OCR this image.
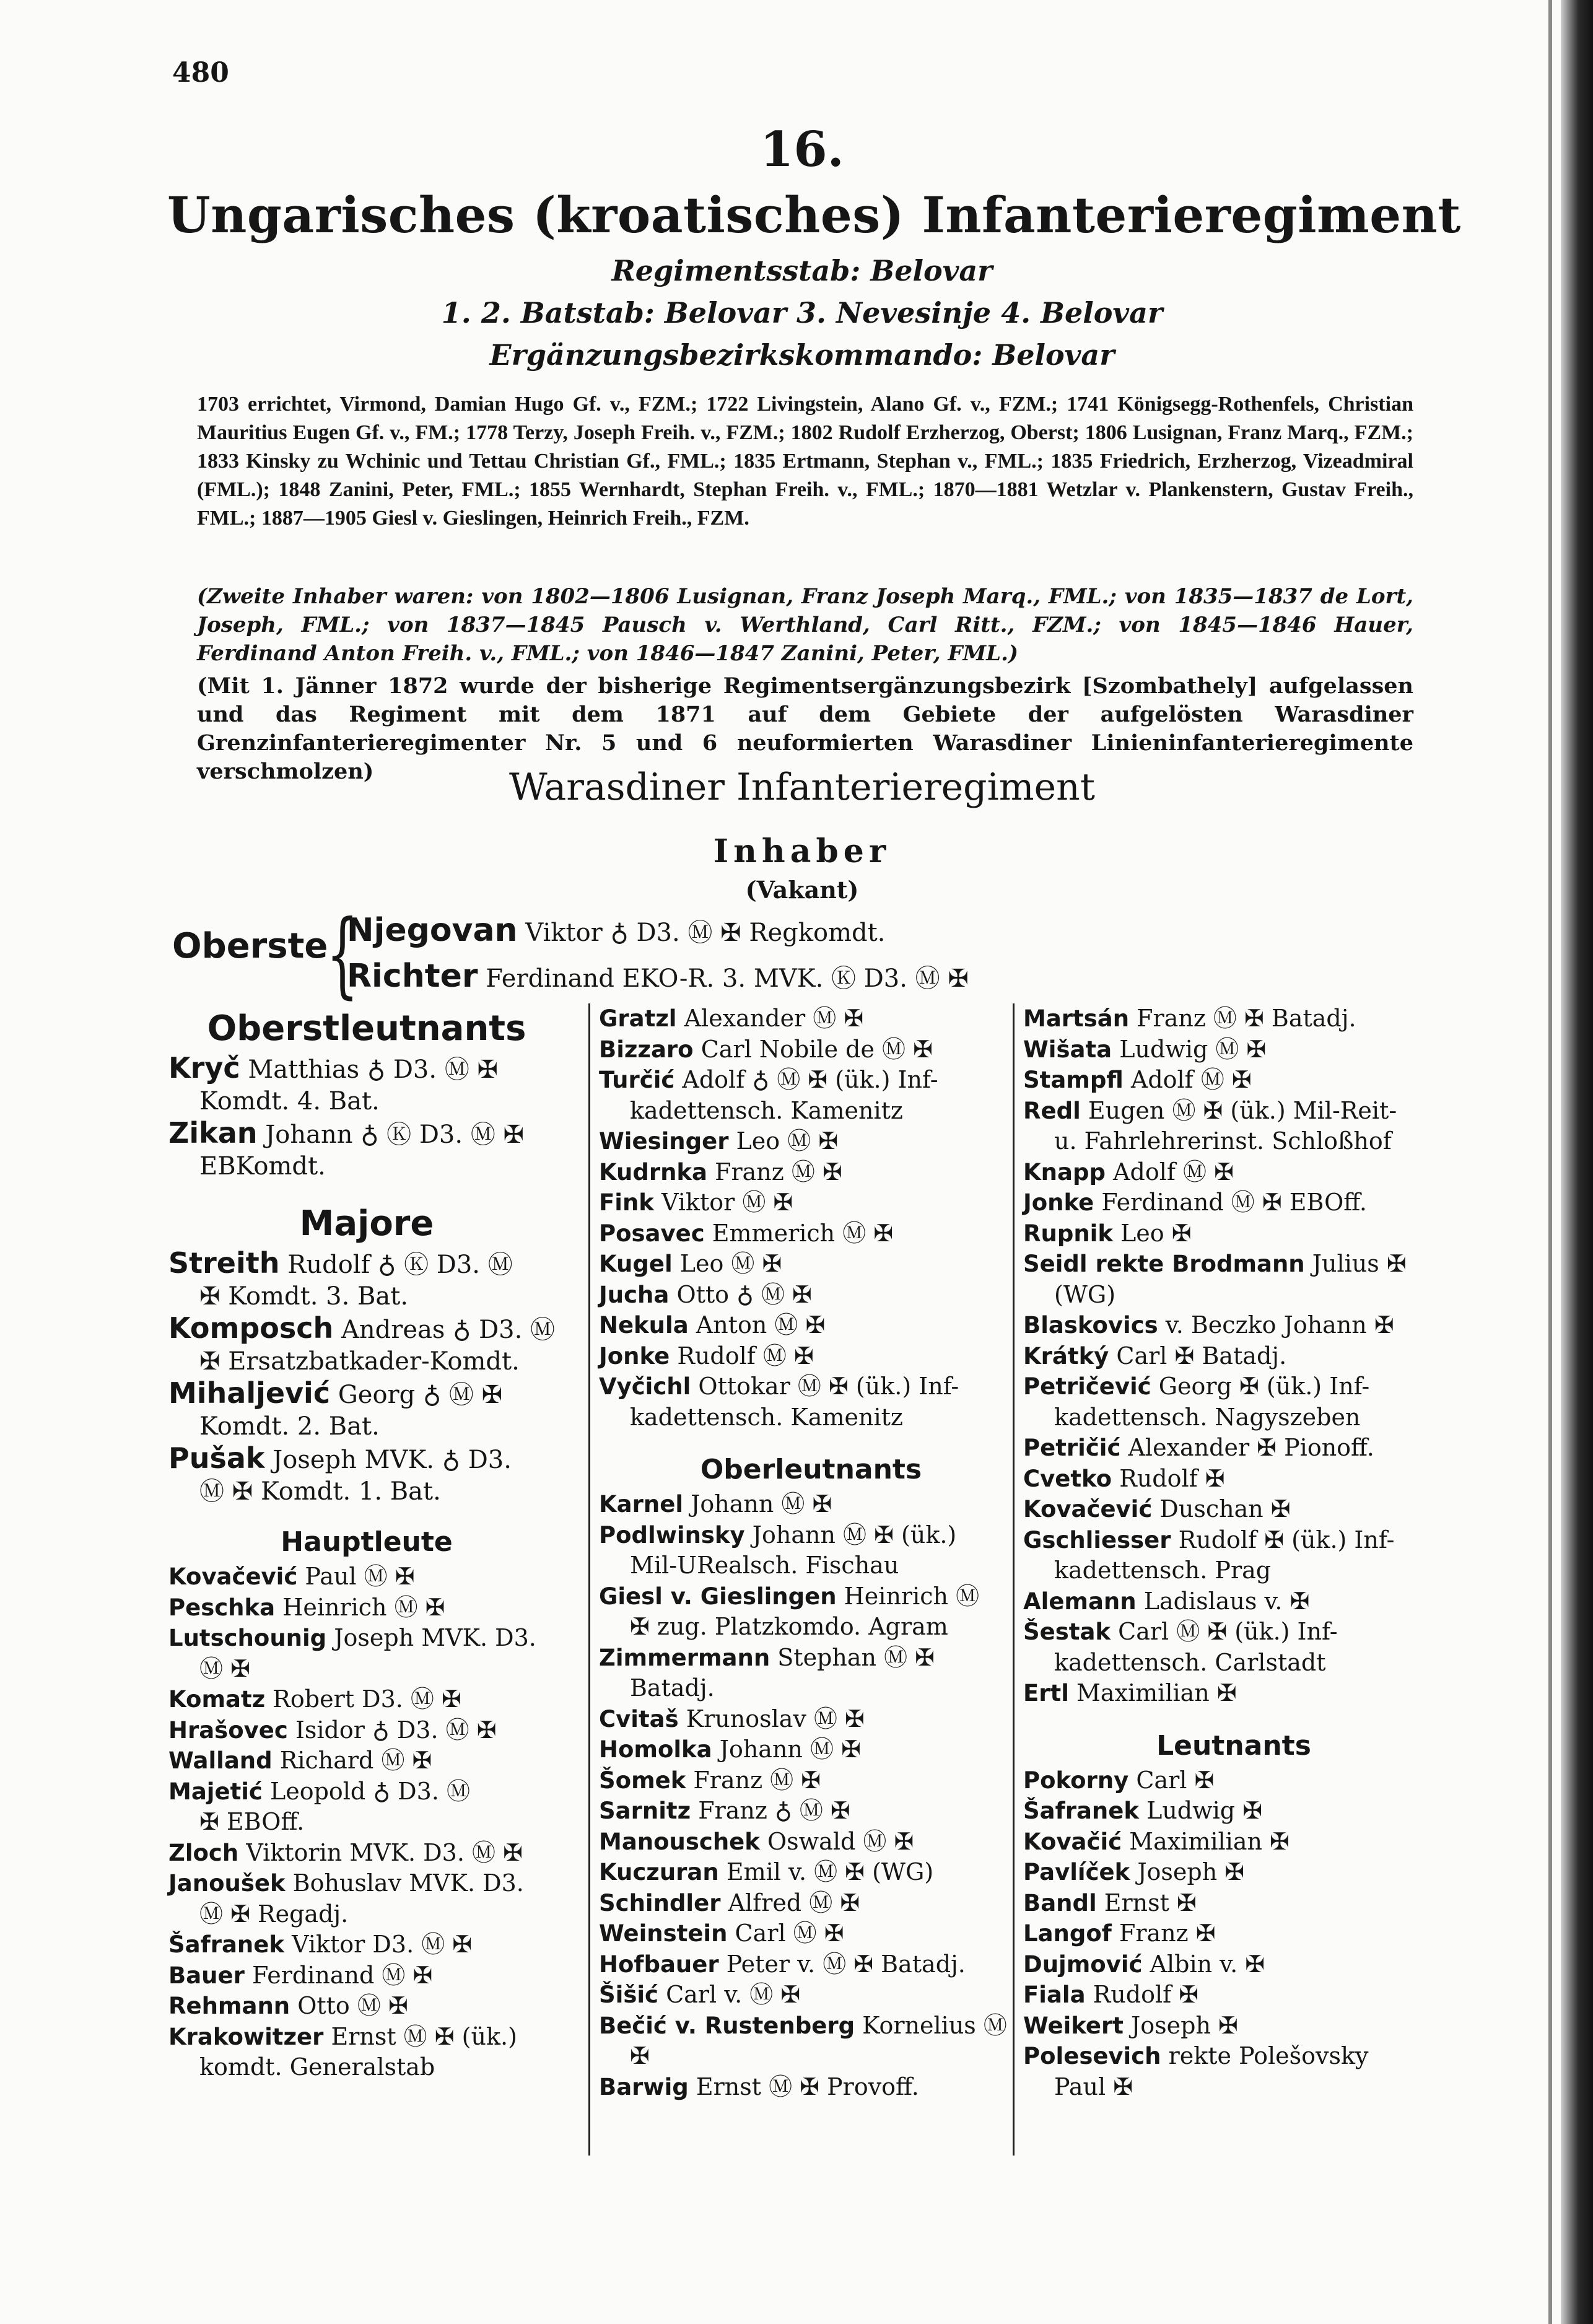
480
16.
Ungarisches (kroatisches) Infanterieregiment
Regimentsstab: Belovar
1. 2. Batstab: Belovar 3. Nevesinje 4. Belovar
Ergänzungsbezirkskommando: Belovar
1703 errichtet, Virmond, Damian Hugo Gf. v., FZM.; 1722 Livingstein, Alano Gf. v., FZM.; 1741 Königsegg-Rothenfels, Christian Mauritius Eugen Gf. v., FM.; 1778 Terzy, Joseph Freih. v., FZM.; 1802 Rudolf Erzherzog, Oberst; 1806 Lusignan, Franz Marq., FZM.; 1833 Kinsky zu Wchinic und Tettau Christian Gf., FML.; 1835 Ertmann, Stephan v., FML.; 1835 Friedrich, Erzherzog, Vizeadmiral (FML.); 1848 Zanini, Peter, FML.; 1855 Wernhardt, Stephan Freih. v., FML.; 1870—1881 Wetzlar v. Plankenstern, Gustav Freih., FML.; 1887—1905 Giesl v. Gieslingen, Heinrich Freih., FZM.
(Zweite Inhaber waren: von 1802—1806 Lusignan, Franz Joseph Marq., FML.; von 1835—1837 de Lort, Joseph, FML.; von 1837—1845 Pausch v. Werthland, Carl Ritt., FZM.; von 1845—1846 Hauer, Ferdinand Anton Freih. v., FML.; von 1846—1847 Zanini, Peter, FML.)
(Mit 1. Jänner 1872 wurde der bisherige Regimentsergänzungsbezirk [Szombathely] aufgelassen und das Regiment mit dem 1871 auf dem Gebiete der aufgelösten Warasdiner Grenzinfanterieregimenter Nr. 5 und 6 neuformierten Warasdiner Linieninfanterieregimente verschmolzen)	Warasdiner Infanterieregiment
Inhaber
(Vakant)
Oberste
{
Njegovan Viktor ♁ D3. Ⓜ ✠ Regkomdt.
Richter Ferdinand EKO-R. 3. MVK. Ⓚ D3. Ⓜ ✠
Oberstleutnants
Kryč Matthias ♁ D3. Ⓜ ✠
Komdt. 4. Bat.
Zikan Johann ♁ Ⓚ D3. Ⓜ ✠
EBKomdt.
Majore
Streith Rudolf ♁ Ⓚ D3. Ⓜ
✠ Komdt. 3. Bat.
Komposch Andreas ♁ D3. Ⓜ
✠ Ersatzbatkader-Komdt.
Mihaljević Georg ♁ Ⓜ ✠
Komdt. 2. Bat.
Pušak Joseph MVK. ♁ D3.
Ⓜ ✠ Komdt. 1. Bat.
Hauptleute
Kovačević Paul Ⓜ ✠
Peschka Heinrich Ⓜ ✠
Lutschounig Joseph MVK. D3.
Ⓜ ✠
Komatz Robert D3. Ⓜ ✠
Hrašovec Isidor ♁ D3. Ⓜ ✠
Walland Richard Ⓜ ✠
Majetić Leopold ♁ D3. Ⓜ
✠ EBOff.
Zloch Viktorin MVK. D3. Ⓜ ✠
Janoušek Bohuslav MVK. D3.
Ⓜ ✠ Regadj.
Šafranek Viktor D3. Ⓜ ✠
Bauer Ferdinand Ⓜ ✠
Rehmann Otto Ⓜ ✠
Krakowitzer Ernst Ⓜ ✠ (ük.)
komdt. Generalstab
Gratzl Alexander Ⓜ ✠
Bizzaro Carl Nobile de Ⓜ ✠
Turčić Adolf ♁ Ⓜ ✠ (ük.) Inf-
kadettensch. Kamenitz
Wiesinger Leo Ⓜ ✠
Kudrnka Franz Ⓜ ✠
Fink Viktor Ⓜ ✠
Posavec Emmerich Ⓜ ✠
Kugel Leo Ⓜ ✠
Jucha Otto ♁ Ⓜ ✠
Nekula Anton Ⓜ ✠
Jonke Rudolf Ⓜ ✠
Vyčichl Ottokar Ⓜ ✠ (ük.) Inf-
kadettensch. Kamenitz
Oberleutnants
Karnel Johann Ⓜ ✠
Podlwinsky Johann Ⓜ ✠ (ük.)
Mil-URealsch. Fischau
Giesl v. Gieslingen Heinrich Ⓜ
✠ zug. Platzkomdo. Agram
Zimmermann Stephan Ⓜ ✠
Batadj.
Cvitaš Krunoslav Ⓜ ✠
Homolka Johann Ⓜ ✠
Šomek Franz Ⓜ ✠
Sarnitz Franz ♁ Ⓜ ✠
Manouschek Oswald Ⓜ ✠
Kuczuran Emil v. Ⓜ ✠ (WG)
Schindler Alfred Ⓜ ✠
Weinstein Carl Ⓜ ✠
Hofbauer Peter v. Ⓜ ✠ Batadj.
Šišić Carl v. Ⓜ ✠
Bečić v. Rustenberg Kornelius Ⓜ
✠
Barwig Ernst Ⓜ ✠ Provoff.
Martsán Franz Ⓜ ✠ Batadj.
Wišata Ludwig Ⓜ ✠
Stampfl Adolf Ⓜ ✠
Redl Eugen Ⓜ ✠ (ük.) Mil-Reit-
u. Fahrlehrerinst. Schloßhof
Knapp Adolf Ⓜ ✠
Jonke Ferdinand Ⓜ ✠ EBOff.
Rupnik Leo ✠
Seidl rekte Brodmann Julius ✠
(WG)
Blaskovics v. Beczko Johann ✠
Krátký Carl ✠ Batadj.
Petričević Georg ✠ (ük.) Inf-
kadettensch. Nagyszeben
Petričić Alexander ✠ Pionoff.
Cvetko Rudolf ✠
Kovačević Duschan ✠
Gschliesser Rudolf ✠ (ük.) Inf-
kadettensch. Prag
Alemann Ladislaus v. ✠
Šestak Carl Ⓜ ✠ (ük.) Inf-
kadettensch. Carlstadt
Ertl Maximilian ✠
Leutnants
Pokorny Carl ✠
Šafranek Ludwig ✠
Kovačić Maximilian ✠
Pavlíček Joseph ✠
Bandl Ernst ✠
Langof Franz ✠
Dujmović Albin v. ✠
Fiala Rudolf ✠
Weikert Joseph ✠
Polesevich rekte Polešovsky
Paul ✠
